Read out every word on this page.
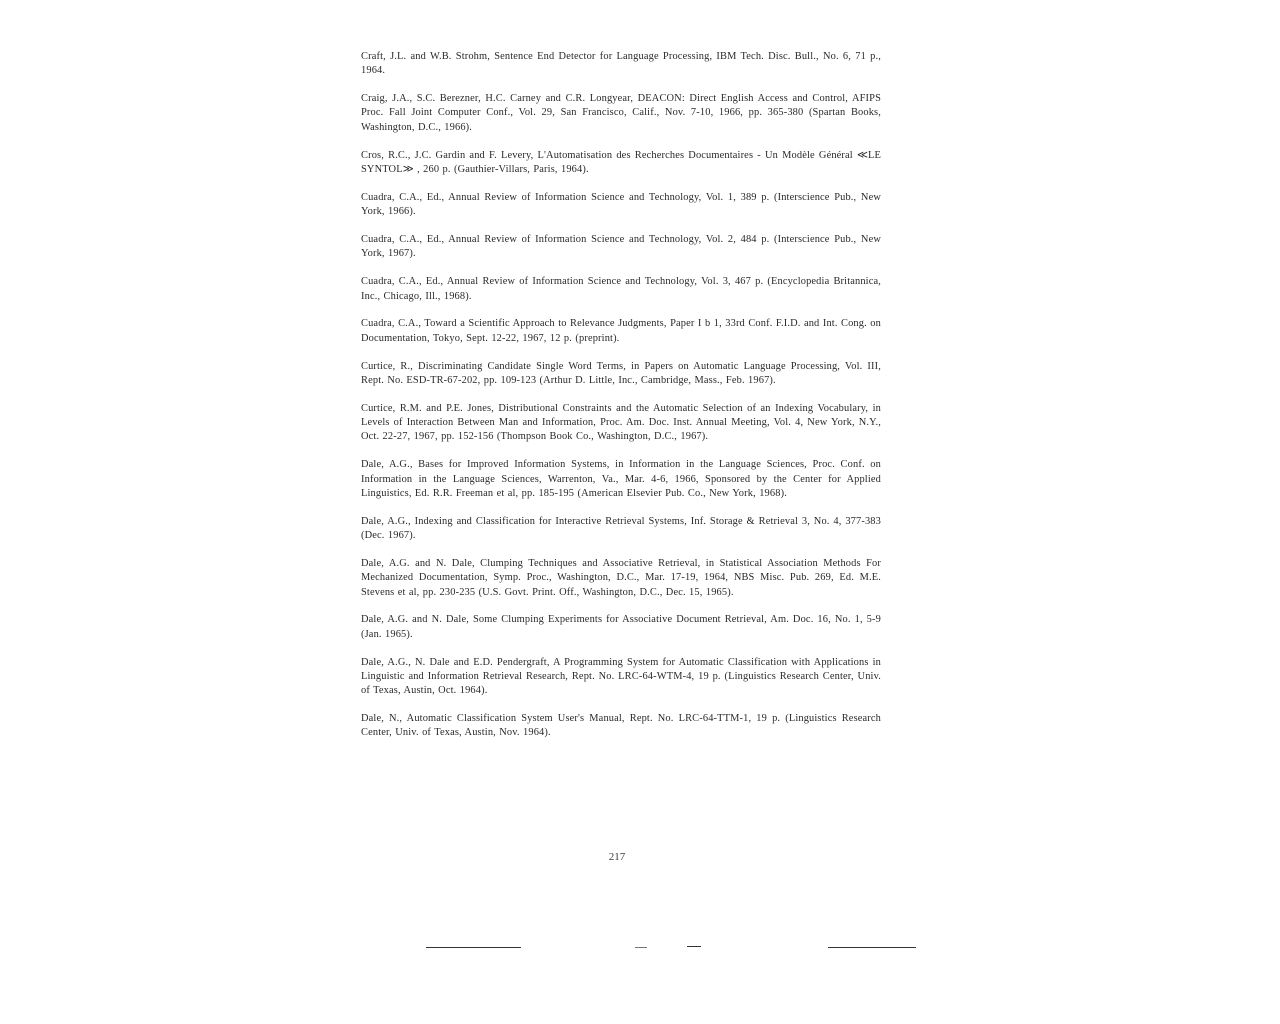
Craft, J.L. and W.B. Strohm, Sentence End Detector for Language Processing, IBM Tech. Disc. Bull., No. 6, 71 p., 1964.

Craig, J.A., S.C. Berezner, H.C. Carney and C.R. Longyear, DEACON: Direct English Access and Control, AFIPS Proc. Fall Joint Computer Conf., Vol. 29, San Francisco, Calif., Nov. 7-10, 1966, pp. 365-380 (Spartan Books, Washington, D.C., 1966).

Cros, R.C., J.C. Gardin and F. Levery, L'Automatisation des Recherches Documentaires - Un Modèle Général ≪LE SYNTOL≫ , 260 p. (Gauthier-Villars, Paris, 1964).

Cuadra, C.A., Ed., Annual Review of Information Science and Technology, Vol. 1, 389 p. (Interscience Pub., New York, 1966).

Cuadra, C.A., Ed., Annual Review of Information Science and Technology, Vol. 2, 484 p. (Interscience Pub., New York, 1967).

Cuadra, C.A., Ed., Annual Review of Information Science and Technology, Vol. 3, 467 p. (Encyclopedia Britannica, Inc., Chicago, Ill., 1968).

Cuadra, C.A., Toward a Scientific Approach to Relevance Judgments, Paper I b 1, 33rd Conf. F.I.D. and Int. Cong. on Documentation, Tokyo, Sept. 12-22, 1967, 12 p. (preprint).

Curtice, R., Discriminating Candidate Single Word Terms, in Papers on Automatic Language Processing, Vol. III, Rept. No. ESD-TR-67-202, pp. 109-123 (Arthur D. Little, Inc., Cambridge, Mass., Feb. 1967).

Curtice, R.M. and P.E. Jones, Distributional Constraints and the Automatic Selection of an Indexing Vocabulary, in Levels of Interaction Between Man and Information, Proc. Am. Doc. Inst. Annual Meeting, Vol. 4, New York, N.Y., Oct. 22-27, 1967, pp. 152-156 (Thompson Book Co., Washington, D.C., 1967).

Dale, A.G., Bases for Improved Information Systems, in Information in the Language Sciences, Proc. Conf. on Information in the Language Sciences, Warrenton, Va., Mar. 4-6, 1966, Sponsored by the Center for Applied Linguistics, Ed. R.R. Freeman et al, pp. 185-195 (American Elsevier Pub. Co., New York, 1968).

Dale, A.G., Indexing and Classification for Interactive Retrieval Systems, Inf. Storage & Retrieval 3, No. 4, 377-383 (Dec. 1967).

Dale, A.G. and N. Dale, Clumping Techniques and Associative Retrieval, in Statistical Association Methods For Mechanized Documentation, Symp. Proc., Washington, D.C., Mar. 17-19, 1964, NBS Misc. Pub. 269, Ed. M.E. Stevens et al, pp. 230-235 (U.S. Govt. Print. Off., Washington, D.C., Dec. 15, 1965).

Dale, A.G. and N. Dale, Some Clumping Experiments for Associative Document Retrieval, Am. Doc. 16, No. 1, 5-9 (Jan. 1965).

Dale, A.G., N. Dale and E.D. Pendergraft, A Programming System for Automatic Classification with Applications in Linguistic and Information Retrieval Research, Rept. No. LRC-64-WTM-4, 19 p. (Linguistics Research Center, Univ. of Texas, Austin, Oct. 1964).

Dale, N., Automatic Classification System User's Manual, Rept. No. LRC-64-TTM-1, 19 p. (Linguistics Research Center, Univ. of Texas, Austin, Nov. 1964).

217
